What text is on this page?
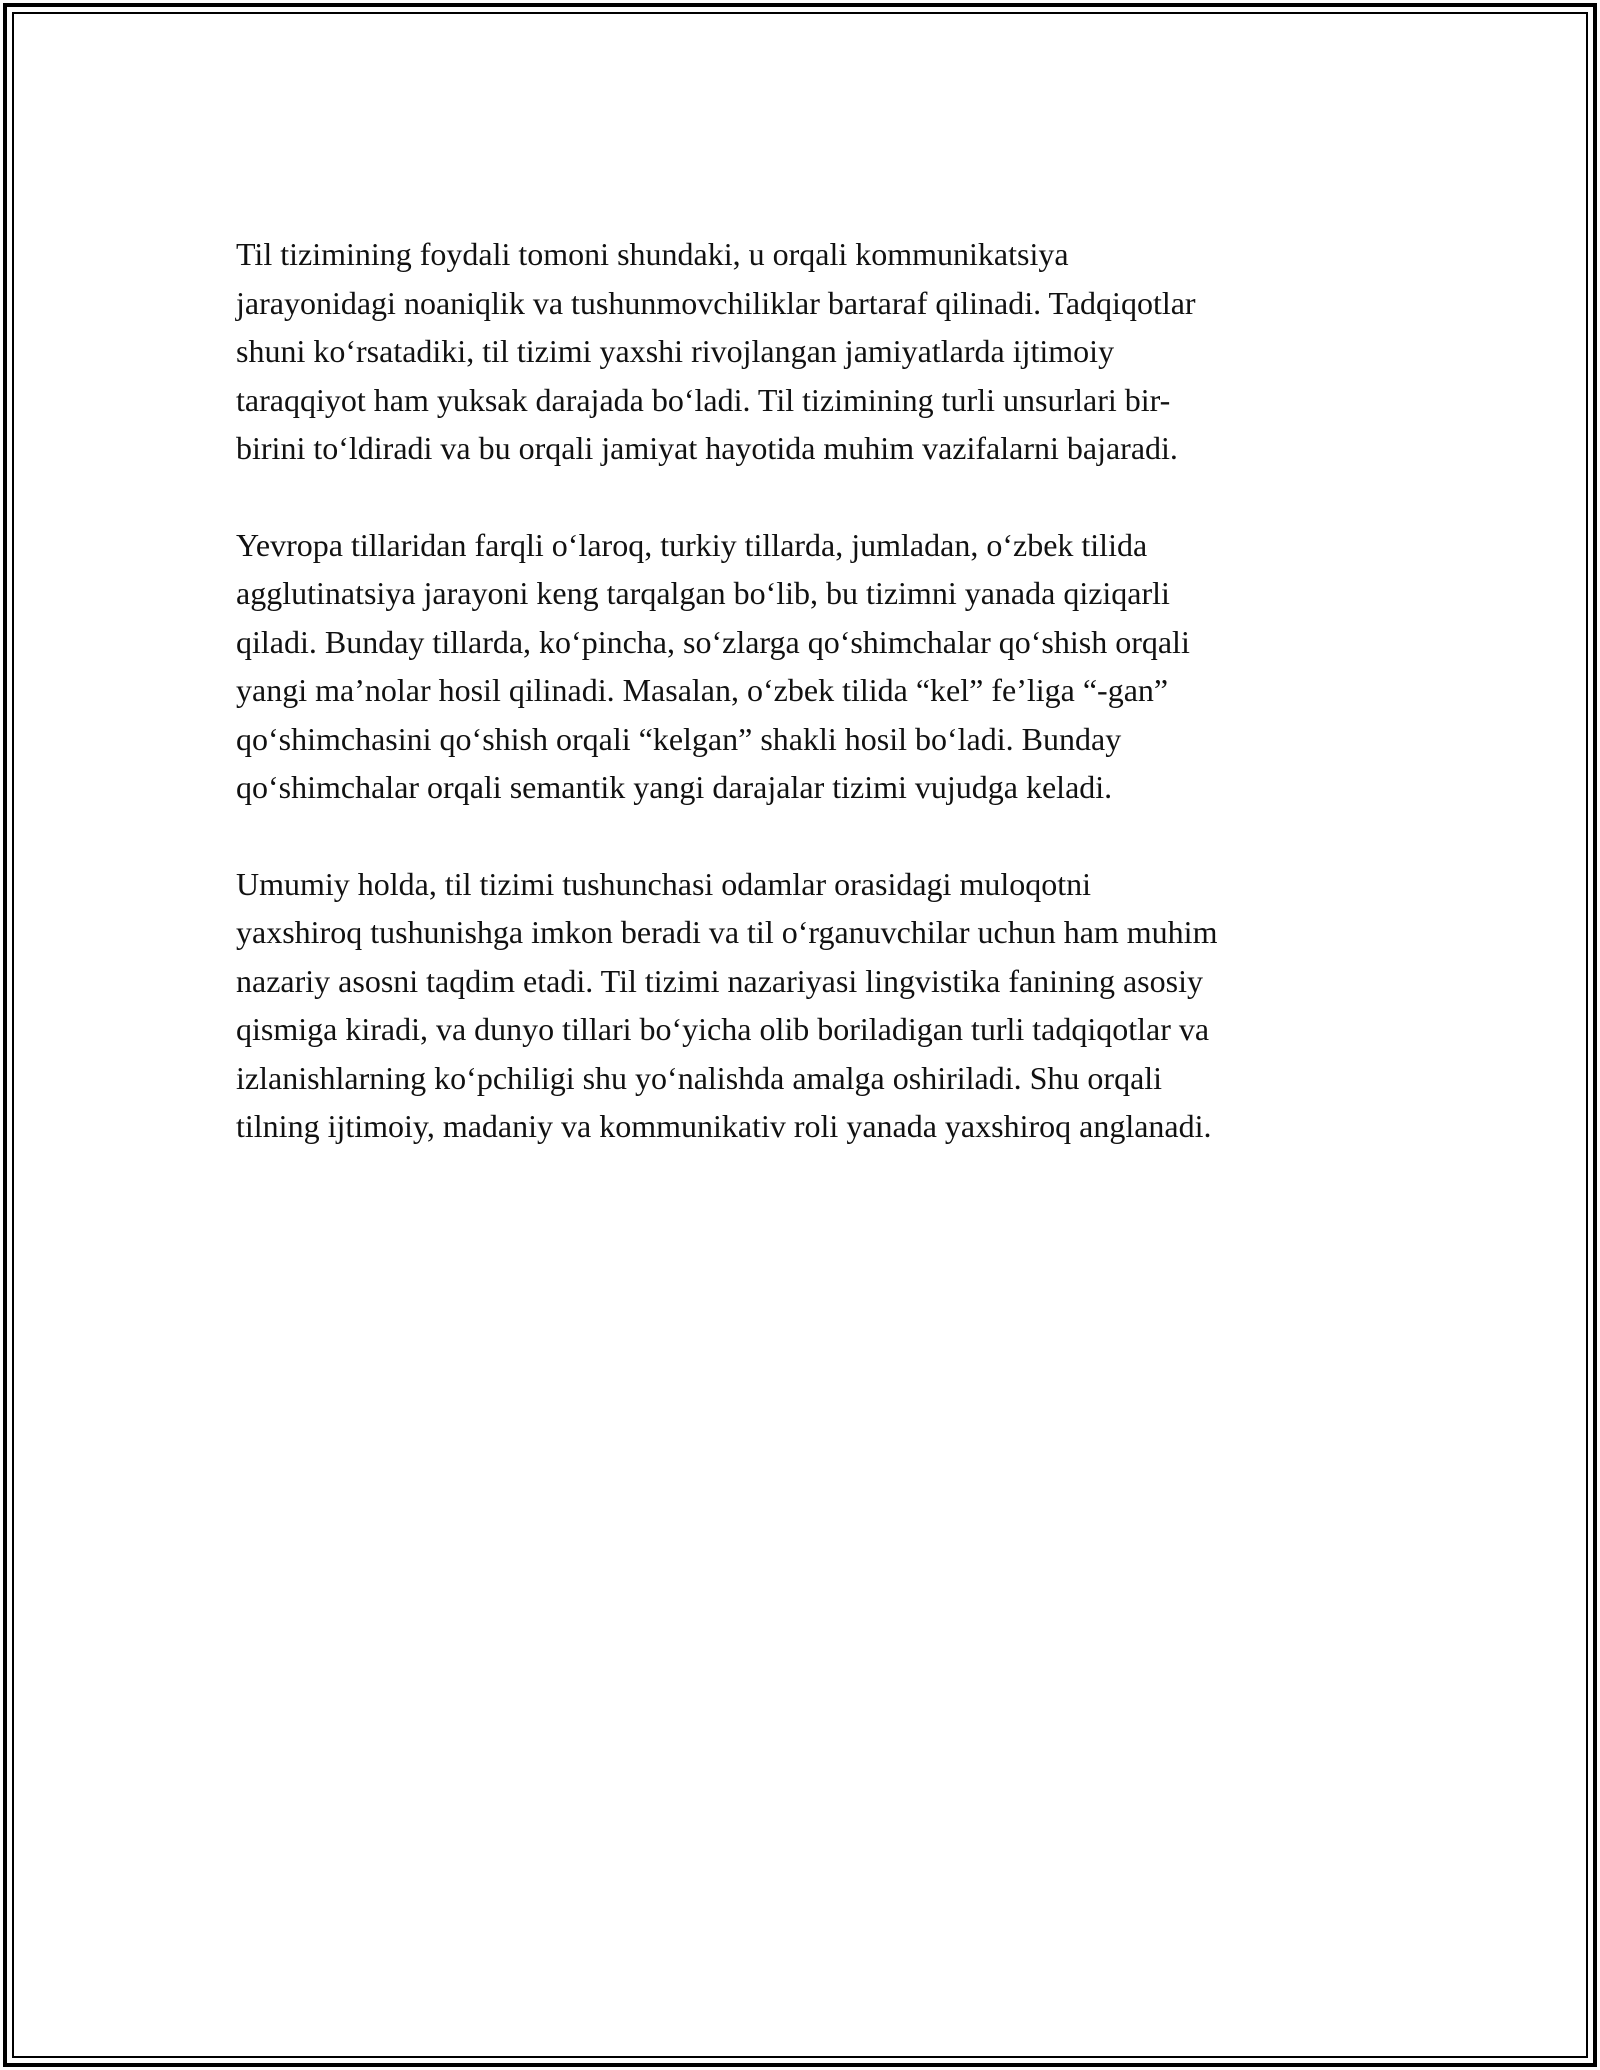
Til tizimining foydali tomoni shundaki, u orqali kommunikatsiya
jarayonidagi noaniqlik va tushunmovchiliklar bartaraf qilinadi. Tadqiqotlar
shuni ko‘rsatadiki, til tizimi yaxshi rivojlangan jamiyatlarda ijtimoiy
taraqqiyot ham yuksak darajada bo‘ladi. Til tizimining turli unsurlari bir-
birini to‘ldiradi va bu orqali jamiyat hayotida muhim vazifalarni bajaradi.

Yevropa tillaridan farqli o‘laroq, turkiy tillarda, jumladan, o‘zbek tilida
agglutinatsiya jarayoni keng tarqalgan bo‘lib, bu tizimni yanada qiziqarli
qiladi. Bunday tillarda, ko‘pincha, so‘zlarga qo‘shimchalar qo‘shish orqali
yangi ma’nolar hosil qilinadi. Masalan, o‘zbek tilida “kel” fe’liga “-gan”
qo‘shimchasini qo‘shish orqali “kelgan” shakli hosil bo‘ladi. Bunday
qo‘shimchalar orqali semantik yangi darajalar tizimi vujudga keladi.

Umumiy holda, til tizimi tushunchasi odamlar orasidagi muloqotni
yaxshiroq tushunishga imkon beradi va til o‘rganuvchilar uchun ham muhim
nazariy asosni taqdim etadi. Til tizimi nazariyasi lingvistika fanining asosiy
qismiga kiradi, va dunyo tillari bo‘yicha olib boriladigan turli tadqiqotlar va
izlanishlarning ko‘pchiligi shu yo‘nalishda amalga oshiriladi. Shu orqali
tilning ijtimoiy, madaniy va kommunikativ roli yanada yaxshiroq anglanadi.
